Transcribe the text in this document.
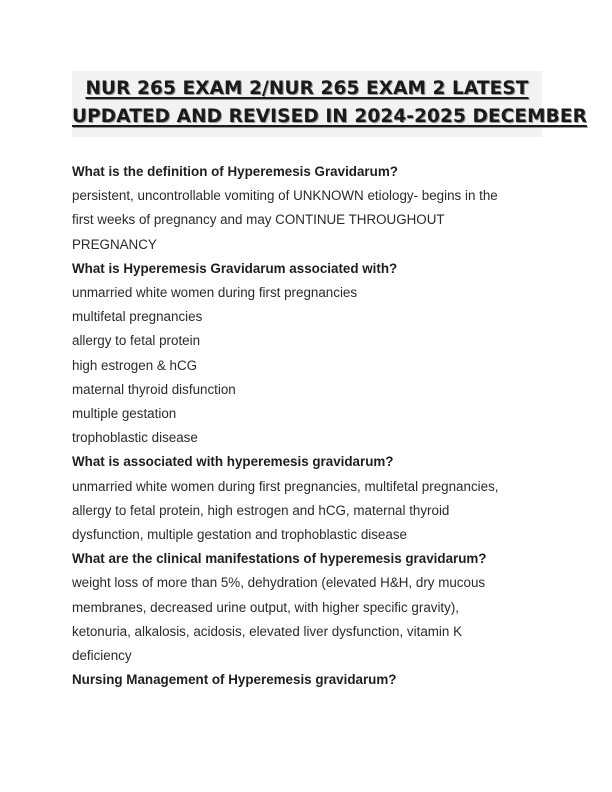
NUR 265 EXAM 2/NUR 265 EXAM 2 LATEST
UPDATED AND REVISED IN 2024-2025 DECEMBER
What is the definition of Hyperemesis Gravidarum?
persistent, uncontrollable vomiting of UNKNOWN etiology- begins in the
first weeks of pregnancy and may CONTINUE THROUGHOUT
PREGNANCY
What is Hyperemesis Gravidarum associated with?
unmarried white women during first pregnancies
multifetal pregnancies
allergy to fetal protein
high estrogen & hCG
maternal thyroid disfunction
multiple gestation
trophoblastic disease
What is associated with hyperemesis gravidarum?
unmarried white women during first pregnancies, multifetal pregnancies,
allergy to fetal protein, high estrogen and hCG, maternal thyroid
dysfunction, multiple gestation and trophoblastic disease
What are the clinical manifestations of hyperemesis gravidarum?
weight loss of more than 5%, dehydration (elevated H&H, dry mucous
membranes, decreased urine output, with higher specific gravity),
ketonuria, alkalosis, acidosis, elevated liver dysfunction, vitamin K
deficiency
Nursing Management of Hyperemesis gravidarum?
